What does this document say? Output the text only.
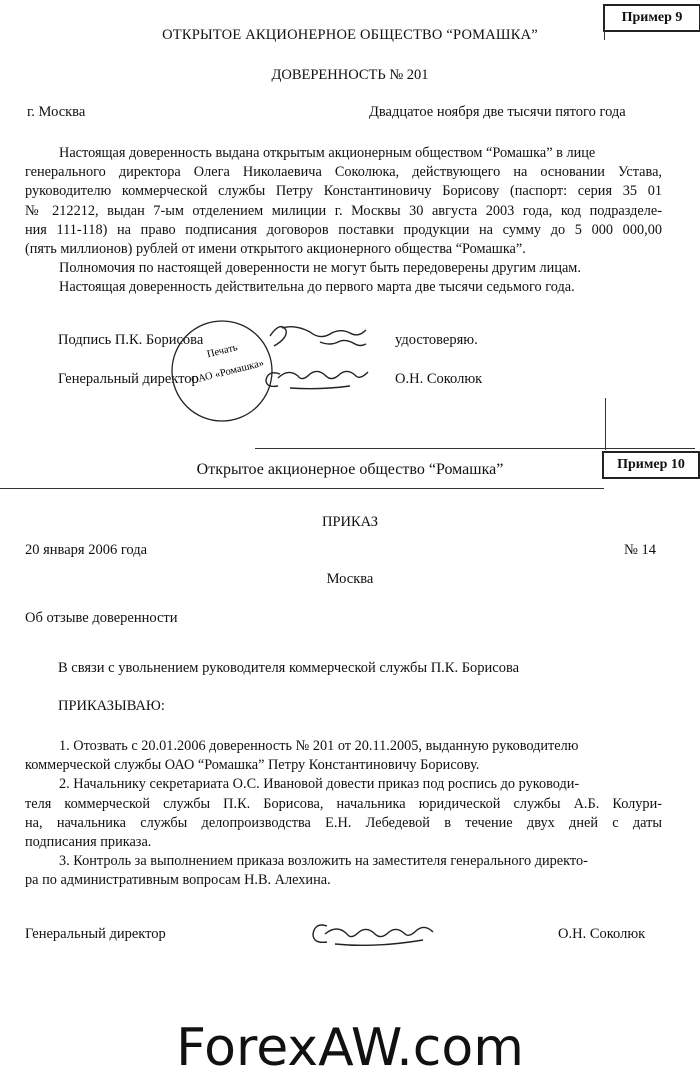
Пример 9
ОТКРЫТОЕ АКЦИОНЕРНОЕ ОБЩЕСТВО “РОМАШКА”
ДОВЕРЕННОСТЬ № 201
г. Москва	Двадцатое ноября две тысячи пятого года
Настоящая доверенность выдана открытым акционерным обществом “Ромашка” в лице
генерального директора Олега Николаевича Соколюка, действующего на основании Устава,
руководителю коммерческой службы Петру Константиновичу Борисову (паспорт: серия 35 01
№ 212212, выдан 7-ым отделением милиции г. Москвы 30 августа 2003 года, код подразделе-
ния 111-118) на право подписания договоров поставки продукции на сумму до 5 000 000,00
(пять миллионов) рублей от имени открытого акционерного общества “Ромашка”.
Полномочия по настоящей доверенности не могут быть передоверены другим лицам.
Настоящая доверенность действительна до первого марта две тысячи седьмого года.
Подпись П.К. Борисова	удостоверяю.
Генеральный директор	О.Н. Соколюк
Печать
ОАО «Ромашка»
Пример 10
Открытое акционерное общество “Ромашка”
ПРИКАЗ
20 января 2006 года	№ 14
Москва
Об отзыве доверенности
В связи с увольнением руководителя коммерческой службы П.К. Борисова
ПРИКАЗЫВАЮ:
1. Отозвать с 20.01.2006 доверенность № 201 от 20.11.2005, выданную руководителю
коммерческой службы ОАО “Ромашка” Петру Константиновичу Борисову.
2. Начальнику секретариата О.С. Ивановой довести приказ под роспись до руководи-
теля коммерческой службы П.К. Борисова, начальника юридической службы А.Б. Колури-
на, начальника службы делопроизводства Е.Н. Лебедевой в течение двух дней с даты
подписания приказа.
3. Контроль за выполнением приказа возложить на заместителя генерального директо-
ра по административным вопросам Н.В. Алехина.
Генеральный директор	О.Н. Соколюк
ForexAW.com
